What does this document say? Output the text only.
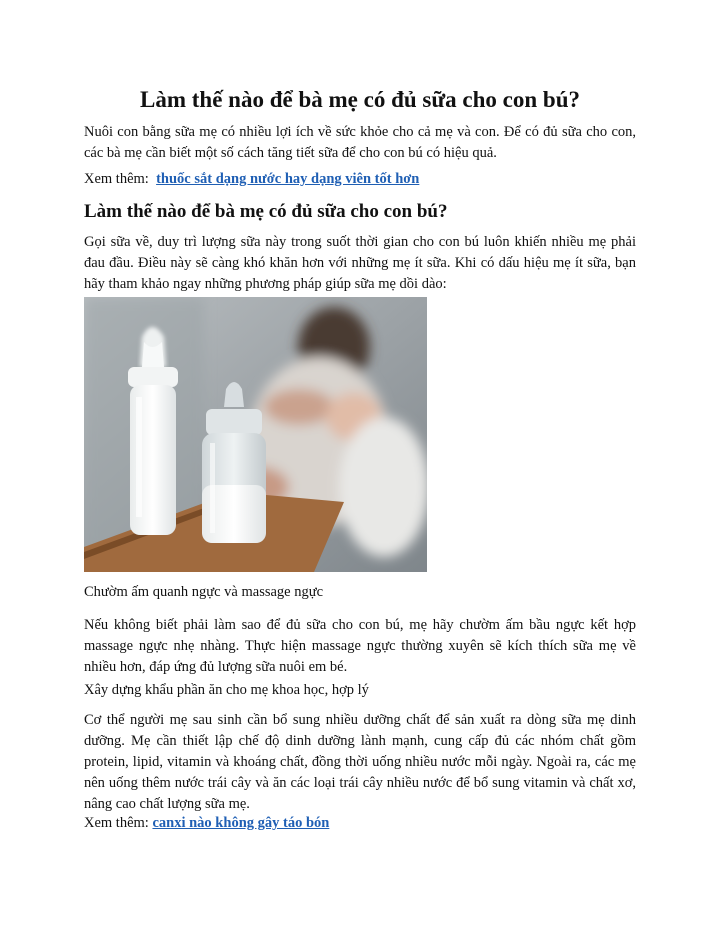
Làm thế nào để bà mẹ có đủ sữa cho con bú?

Nuôi con bằng sữa mẹ có nhiều lợi ích về sức khỏe cho cả mẹ và con. Để có đủ sữa cho con, các bà mẹ cần biết một số cách tăng tiết sữa để cho con bú có hiệu quả.

Xem thêm: thuốc sắt dạng nước hay dạng viên tốt hơn

Làm thế nào để bà mẹ có đủ sữa cho con bú?

Gọi sữa về, duy trì lượng sữa này trong suốt thời gian cho con bú luôn khiến nhiều mẹ phải đau đầu. Điều này sẽ càng khó khăn hơn với những mẹ ít sữa. Khi có dấu hiệu mẹ ít sữa, bạn hãy tham khảo ngay những phương pháp giúp sữa mẹ dồi dào:

Chườm ấm quanh ngực và massage ngực

Nếu không biết phải làm sao để đủ sữa cho con bú, mẹ hãy chườm ấm bầu ngực kết hợp massage ngực nhẹ nhàng. Thực hiện massage ngực thường xuyên sẽ kích thích sữa mẹ về nhiều hơn, đáp ứng đủ lượng sữa nuôi em bé.

Xây dựng khẩu phần ăn cho mẹ khoa học, hợp lý

Cơ thể người mẹ sau sinh cần bổ sung nhiều dưỡng chất để sản xuất ra dòng sữa mẹ dinh dưỡng. Mẹ cần thiết lập chế độ dinh dưỡng lành mạnh, cung cấp đủ các nhóm chất gồm protein, lipid, vitamin và khoáng chất, đồng thời uống nhiều nước mỗi ngày. Ngoài ra, các mẹ nên uống thêm nước trái cây và ăn các loại trái cây nhiều nước để bổ sung vitamin và chất xơ, nâng cao chất lượng sữa mẹ.

Xem thêm: canxi nào không gây táo bón
